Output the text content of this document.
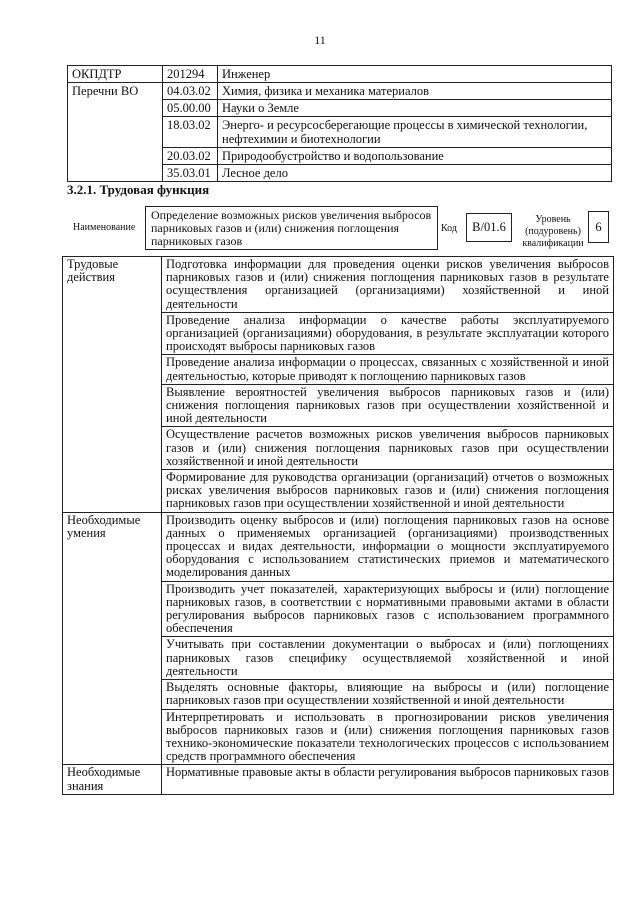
11
ОКПДТР	201294	Инженер
Перечни ВО	04.03.02	Химия, физика и механика материалов
	05.00.00	Науки о Земле
	18.03.02	Энерго- и ресурсосберегающие процессы в химической технологии, нефтехимии и биотехнологии
	20.03.02	Природообустройство и водопользование
	35.03.01	Лесное дело
3.2.1. Трудовая функция
Наименование
Определение возможных рисков увеличения выбросов парниковых газов и (или) снижения поглощения парниковых газов
Код	B/01.6
Уровень (подуровень) квалификации
6
Трудовые действия	Подготовка информации для проведения оценки рисков увеличения выбросов парниковых газов и (или) снижения поглощения парниковых газов в результате осуществления организацией (организациями) хозяйственной и иной деятельности
	Проведение анализа информации о качестве работы эксплуатируемого организацией (организациями) оборудования, в результате эксплуатации которого происходят выбросы парниковых газов
	Проведение анализа информации о процессах, связанных с хозяйственной и иной деятельностью, которые приводят к поглощению парниковых газов
	Выявление вероятностей увеличения выбросов парниковых газов и (или) снижения поглощения парниковых газов при осуществлении хозяйственной и иной деятельности
	Осуществление расчетов возможных рисков увеличения выбросов парниковых газов и (или) снижения поглощения парниковых газов при осуществлении хозяйственной и иной деятельности
	Формирование для руководства организации (организаций) отчетов о возможных рисках увеличения выбросов парниковых газов и (или) снижения поглощения парниковых газов при осуществлении хозяйственной и иной деятельности
Необходимые умения	Производить оценку выбросов и (или) поглощения парниковых газов на основе данных о применяемых организацией (организациями) производственных процессах и видах деятельности, информации о мощности эксплуатируемого оборудования с использованием статистических приемов и математического моделирования данных
	Производить учет показателей, характеризующих выбросы и (или) поглощение парниковых газов, в соответствии с нормативными правовыми актами в области регулирования выбросов парниковых газов с использованием программного обеспечения
	Учитывать при составлении документации о выбросах и (или) поглощениях парниковых газов специфику осуществляемой хозяйственной и иной деятельности
	Выделять основные факторы, влияющие на выбросы и (или) поглощение парниковых газов при осуществлении хозяйственной и иной деятельности
	Интерпретировать и использовать в прогнозировании рисков увеличения выбросов парниковых газов и (или) снижения поглощения парниковых газов технико-экономические показатели технологических процессов с использованием средств программного обеспечения
Необходимые знания	Нормативные правовые акты в области регулирования выбросов парниковых газов
